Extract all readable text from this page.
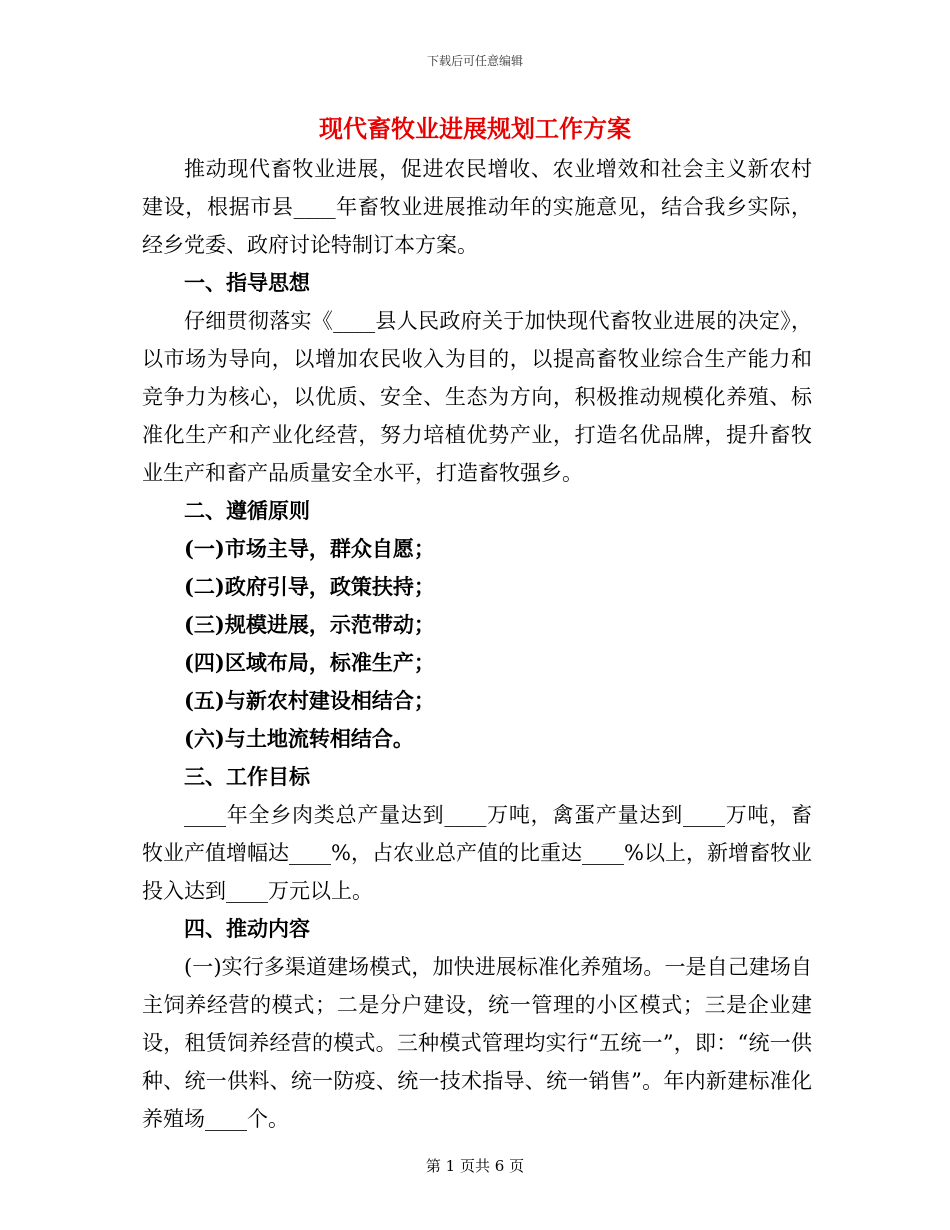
下载后可任意编辑
现代畜牧业进展规划工作方案

推动现代畜牧业进展，促进农民增收、农业增效和社会主义新农村建设，根据市县____年畜牧业进展推动年的实施意见，结合我乡实际，经乡党委、政府讨论特制订本方案。

一、指导思想

仔细贯彻落实《____县人民政府关于加快现代畜牧业进展的决定》，以市场为导向，以增加农民收入为目的，以提高畜牧业综合生产能力和竞争力为核心，以优质、安全、生态为方向，积极推动规模化养殖、标准化生产和产业化经营，努力培植优势产业，打造名优品牌，提升畜牧业生产和畜产品质量安全水平，打造畜牧强乡。

二、遵循原则

(一)市场主导，群众自愿；

(二)政府引导，政策扶持；

(三)规模进展，示范带动；

(四)区域布局，标准生产；

(五)与新农村建设相结合；

(六)与土地流转相结合。

三、工作目标

____年全乡肉类总产量达到____万吨，禽蛋产量达到____万吨，畜牧业产值增幅达____%，占农业总产值的比重达____%以上，新增畜牧业投入达到____万元以上。

四、推动内容

(一)实行多渠道建场模式，加快进展标准化养殖场。一是自己建场自主饲养经营的模式；二是分户建设，统一管理的小区模式；三是企业建设，租赁饲养经营的模式。三种模式管理均实行“五统一”，即：“统一供种、统一供料、统一防疫、统一技术指导、统一销售”。年内新建标准化养殖场____个。

第 1 页共 6 页
